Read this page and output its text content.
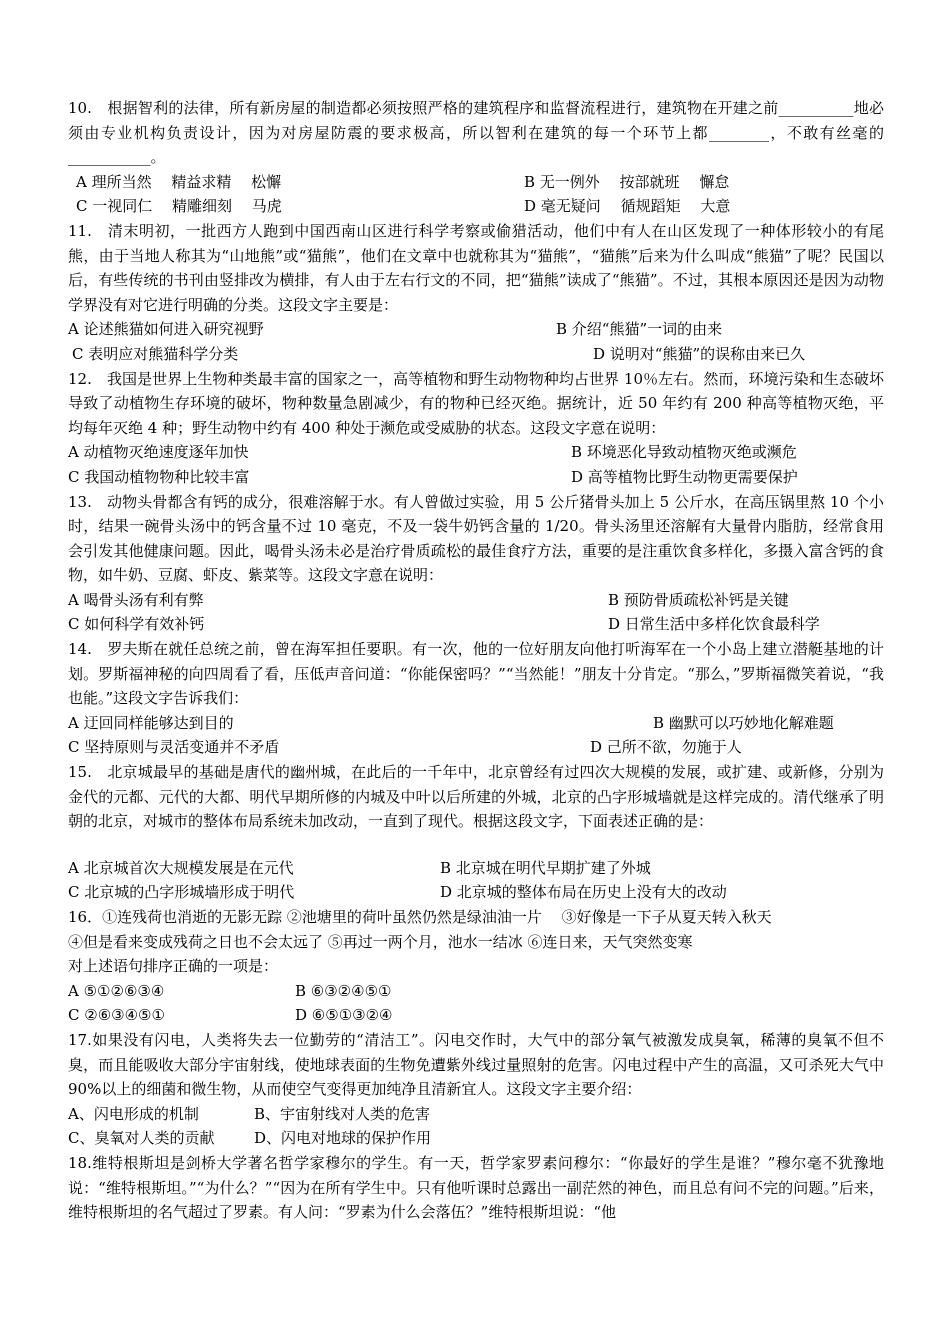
10.　根据智利的法律，所有新房屋的制造都必须按照严格的建筑程序和监督流程进行，建筑物在开建之前__________地必须由专业机构负责设计，因为对房屋防震的要求极高，所以智利在建筑的每一个环节上都________，不敢有丝毫的___________。

A 理所当然　 精益求精　 松懈	B 无一例外　 按部就班　 懈怠
C 一视同仁　 精雕细刻　 马虎	D 毫无疑问　 循规蹈矩　 大意

11.　清末明初，一批西方人跑到中国西南山区进行科学考察或偷猎活动，他们中有人在山区发现了一种体形较小的有尾熊，由于当地人称其为“山地熊”或“猫熊”，他们在文章中也就称其为“猫熊”，“猫熊”后来为什么叫成“熊猫”了呢？民国以后，有些传统的书刊由竖排改为横排，有人由于左右行文的不同，把“猫熊”读成了“熊猫”。不过，其根本原因还是因为动物学界没有对它进行明确的分类。这段文字主要是：

A 论述熊猫如何进入研究视野	B 介绍“熊猫”一词的由来
C 表明应对熊猫科学分类	D 说明对“熊猫”的误称由来已久

12.　我国是世界上生物种类最丰富的国家之一，高等植物和野生动物物种均占世界 10％左右。然而，环境污染和生态破坏导致了动植物生存环境的破坏，物种数量急剧减少，有的物种已经灭绝。据统计，近 50 年约有 200 种高等植物灭绝，平均每年灭绝 4 种；野生动物中约有 400 种处于濒危或受威胁的状态。这段文字意在说明：

A 动植物灭绝速度逐年加快	B 环境恶化导致动植物灭绝或濒危
C 我国动植物物种比较丰富	D 高等植物比野生动物更需要保护

13.　动物头骨都含有钙的成分，很难溶解于水。有人曾做过实验，用 5 公斤猪骨头加上 5 公斤水，在高压锅里熬 10 个小时，结果一碗骨头汤中的钙含量不过 10 毫克，不及一袋牛奶钙含量的 1/20。骨头汤里还溶解有大量骨内脂肪，经常食用会引发其他健康问题。因此，喝骨头汤未必是治疗骨质疏松的最佳食疗方法，重要的是注重饮食多样化，多摄入富含钙的食物，如牛奶、豆腐、虾皮、紫菜等。这段文字意在说明：

A 喝骨头汤有利有弊	B 预防骨质疏松补钙是关键
C 如何科学有效补钙	D 日常生活中多样化饮食最科学

14.　罗夫斯在就任总统之前，曾在海军担任要职。有一次，他的一位好朋友向他打听海军在一个小岛上建立潜艇基地的计划。罗斯福神秘的向四周看了看，压低声音问道：“你能保密吗？”“当然能！”朋友十分肯定。“那么，”罗斯福微笑着说，“我也能。”这段文字告诉我们：

A 迂回同样能够达到目的	B 幽默可以巧妙地化解难题
C 坚持原则与灵活变通并不矛盾	D 己所不欲，勿施于人

15.　北京城最早的基础是唐代的幽州城，在此后的一千年中，北京曾经有过四次大规模的发展，或扩建、或新修，分别为金代的元都、元代的大都、明代早期所修的内城及中叶以后所建的外城，北京的凸字形城墙就是这样完成的。清代继承了明朝的北京，对城市的整体布局系统未加改动，一直到了现代。根据这段文字，下面表述正确的是：

A 北京城首次大规模发展是在元代	B 北京城在明代早期扩建了外城
C 北京城的凸字形城墙形成于明代	D 北京城的整体布局在历史上没有大的改动
16．①连残荷也消逝的无影无踪 ②池塘里的荷叶虽然仍然是绿油油一片　 ③好像是一下子从夏天转入秋天
④但是看来变成残荷之日也不会太远了 ⑤再过一两个月，池水一结冰 ⑥连日来，天气突然变寒
对上述语句排序正确的一项是：
A ⑤①②⑥③④	B ⑥③②④⑤①
C ②⑥③④⑤①	D ⑥⑤①③②④

17.如果没有闪电，人类将失去一位勤劳的“清洁工”。闪电交作时，大气中的部分氧气被激发成臭氧，稀薄的臭氧不但不臭，而且能吸收大部分宇宙射线，使地球表面的生物免遭紫外线过量照射的危害。闪电过程中产生的高温，又可杀死大气中 90%以上的细菌和微生物，从而使空气变得更加纯净且清新宜人。这段文字主要介绍：

A、闪电形成的机制	B、宇宙射线对人类的危害
C、臭氧对人类的贡献	D、闪电对地球的保护作用

18.维特根斯坦是剑桥大学著名哲学家穆尔的学生。有一天，哲学家罗素问穆尔：“你最好的学生是谁？”穆尔毫不犹豫地说：“维特根斯坦。”“为什么？”“因为在所有学生中。只有他听课时总露出一副茫然的神色，而且总有问不完的问题。”后来，维特根斯坦的名气超过了罗素。有人问：“罗素为什么会落伍？”维特根斯坦说：“他
